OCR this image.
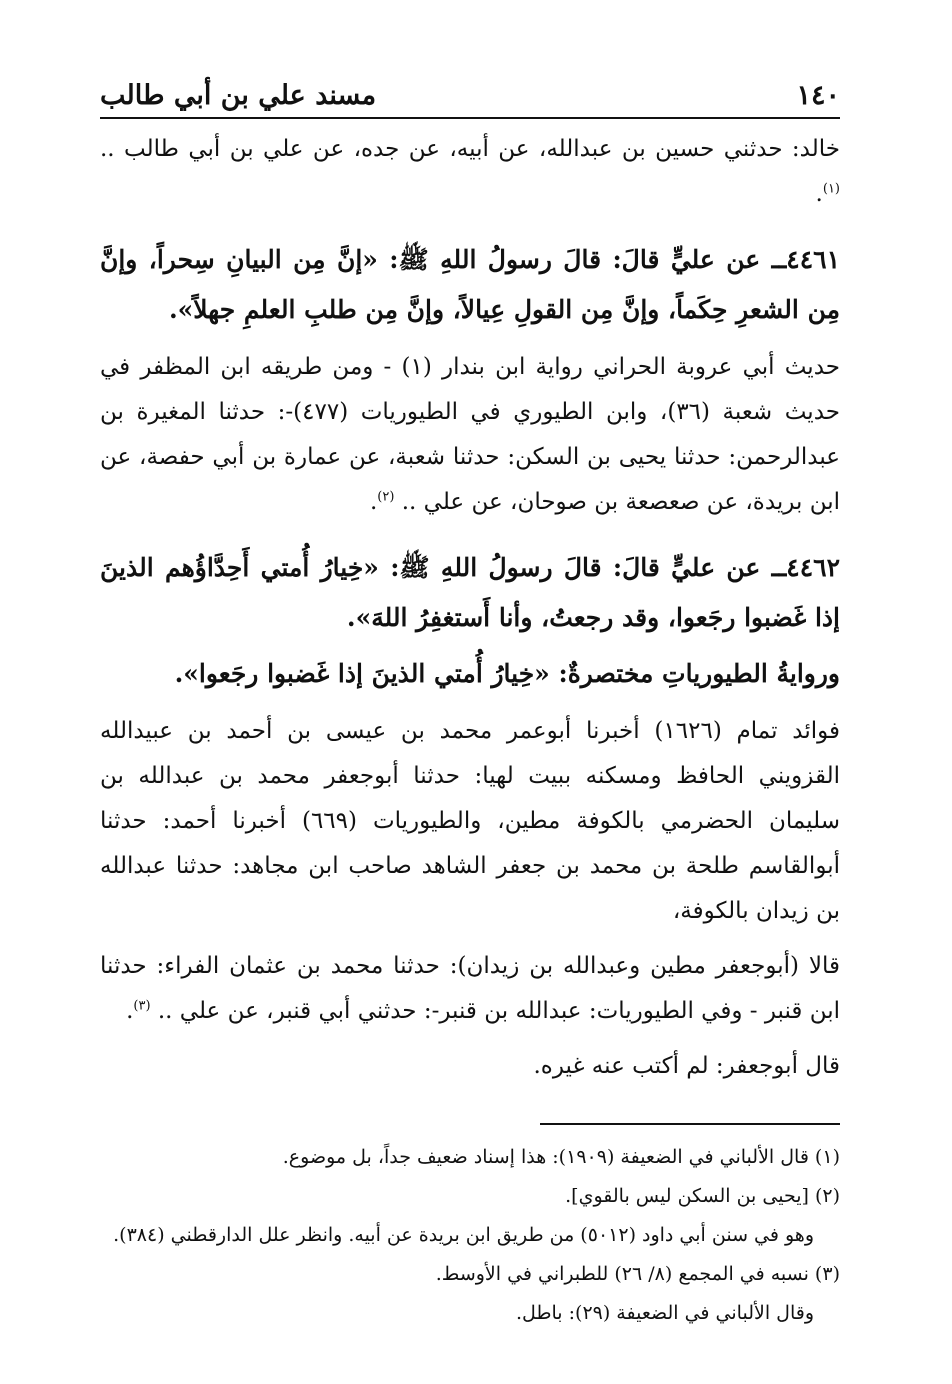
١٤٠
مسند علي بن أبي طالب

خالد: حدثني حسين بن عبدالله، عن أبيه، عن جده، عن علي بن أبي طالب .. $^{(١)}$.

٤٤٦١ــ عن عليٍّ قالَ: قالَ رسولُ اللهِ ﷺ: «إنَّ مِن البيانِ سِحراً، وإنَّ مِن الشعرِ حِكَماً، وإنَّ مِن القولِ عِيالاً، وإنَّ مِن طلبِ العلمِ جهلاً».

حديث أبي عروبة الحراني رواية ابن بندار (١) - ومن طريقه ابن المظفر في حديث شعبة (٣٦)، وابن الطيوري في الطيوريات (٤٧٧)-: حدثنا المغيرة بن عبدالرحمن: حدثنا يحيى بن السكن: حدثنا شعبة، عن عمارة بن أبي حفصة، عن ابن بريدة، عن صعصعة بن صوحان، عن علي .. $^{(٢)}$.

٤٤٦٢ــ عن عليٍّ قالَ: قالَ رسولُ اللهِ ﷺ: «خِيارُ أُمتي أَحِدَّاؤُهم الذينَ إذا غَضبوا رجَعوا، وقد رجعتُ، وأنا أَستغفِرُ اللهَ».

وروايةُ الطيورياتِ مختصرةٌ: «خِيارُ أُمتي الذينَ إذا غَضبوا رجَعوا».

فوائد تمام (١٦٢٦) أخبرنا أبوعمر محمد بن عيسى بن أحمد بن عبيدالله القزويني الحافظ ومسكنه ببيت لهيا: حدثنا أبوجعفر محمد بن عبدالله بن سليمان الحضرمي بالكوفة مطين، والطيوريات (٦٦٩) أخبرنا أحمد: حدثنا أبوالقاسم طلحة بن محمد بن جعفر الشاهد صاحب ابن مجاهد: حدثنا عبدالله بن زيدان بالكوفة،

قالا (أبوجعفر مطين وعبدالله بن زيدان): حدثنا محمد بن عثمان الفراء: حدثنا ابن قنبر - وفي الطيوريات: عبدالله بن قنبر-: حدثني أبي قنبر، عن علي .. $^{(٣)}$.

قال أبوجعفر: لم أكتب عنه غيره.

(١) قال الألباني في الضعيفة (١٩٠٩): هذا إسناد ضعيف جداً، بل موضوع.

(٢) [يحيى بن السكن ليس بالقوي].

وهو في سنن أبي داود (٥٠١٢) من طريق ابن بريدة عن أبيه. وانظر علل الدارقطني (٣٨٤).

(٣) نسبه في المجمع (٨/ ٢٦) للطبراني في الأوسط.

وقال الألباني في الضعيفة (٢٩): باطل.
